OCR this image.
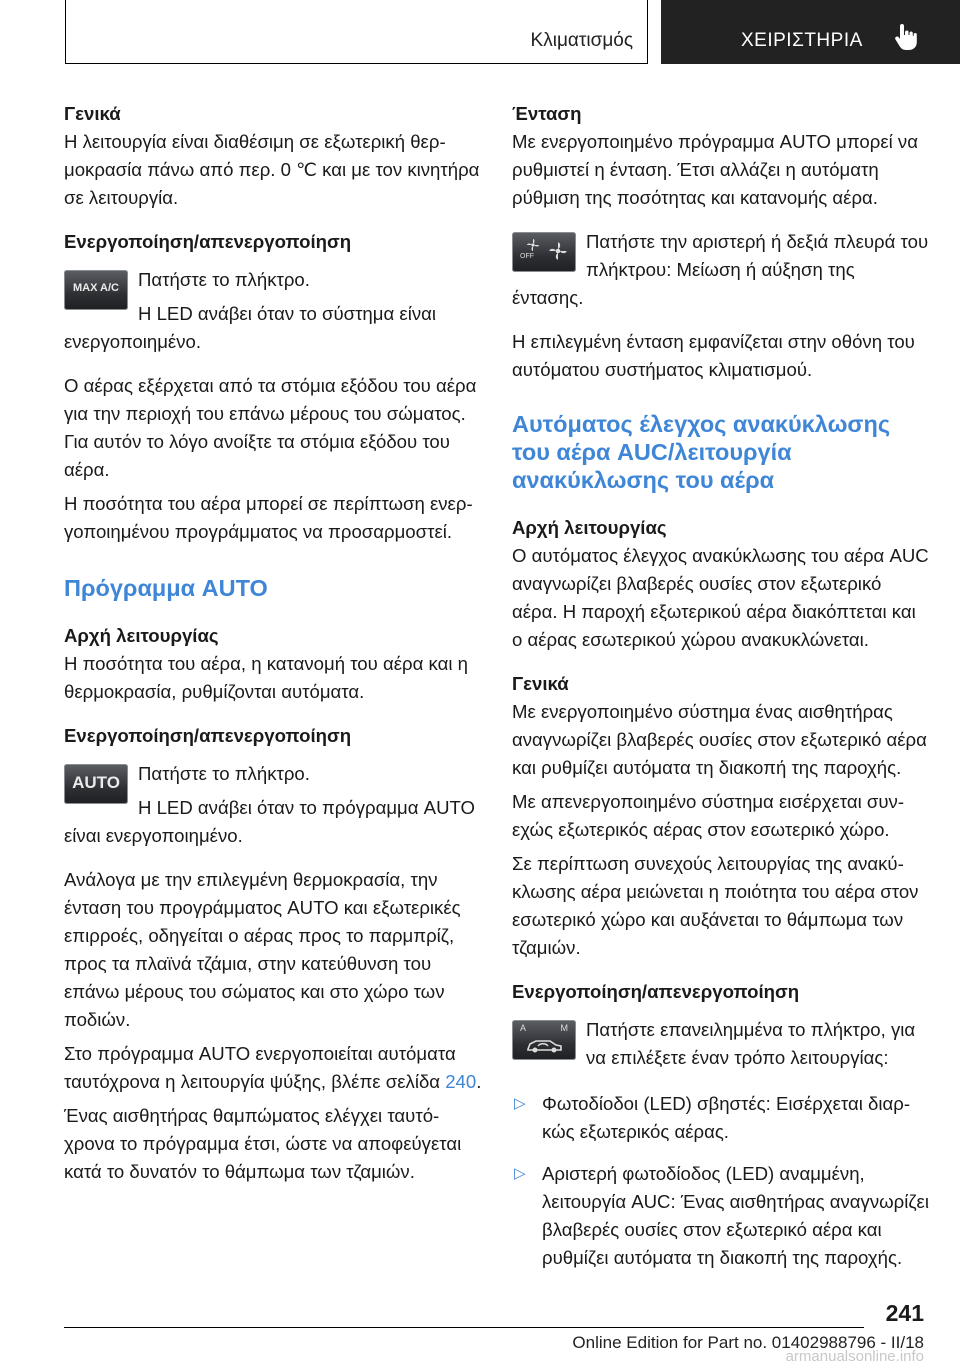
Κλιματισμός	ΧΕΙΡΙΣΤΗΡΙΑ
Γενικά

Η λειτουργία είναι διαθέσιμη σε εξωτερική θερμοκρασία πάνω από περ. 0 ℃ και με τον κινητήρα σε λειτουργία.

Ενεργοποίηση/απενεργοποίηση
MAX A/C	Πατήστε το πλήκτρο.

Η LED ανάβει όταν το σύστημα είναι ενεργοποιημένο.

Ο αέρας εξέρχεται από τα στόμια εξόδου του αέρα για την περιοχή του επάνω μέρους του σώματος. Για αυτόν το λόγο ανοίξτε τα στόμια εξόδου του αέρα.

Η ποσότητα του αέρα μπορεί σε περίπτωση ενεργοποιημένου προγράμματος να προσαρμοστεί.

Πρόγραμμα AUTO
Αρχή λειτουργίας

Η ποσότητα του αέρα, η κατανομή του αέρα και η θερμοκρασία, ρυθμίζονται αυτόματα.

Ενεργοποίηση/απενεργοποίηση
AUTO Πατήστε το πλήκτρο.

Η LED ανάβει όταν το πρόγραμμα AUTO είναι ενεργοποιημένο.

Ανάλογα με την επιλεγμένη θερμοκρασία, την ένταση του προγράμματος AUTO και εξωτερικές επιρροές, οδηγείται ο αέρας προς το παρμπρίζ, προς τα πλαϊνά τζάμια, στην κατεύθυνση του επάνω μέρους του σώματος και στο χώρο των ποδιών.

Στο πρόγραμμα AUTO ενεργοποιείται αυτόματα ταυτόχρονα η λειτουργία ψύξης, βλέπε σελίδα 240.

Ένας αισθητήρας θαμπώματος ελέγχει ταυτόχρονα το πρόγραμμα έτσι, ώστε να αποφεύγεται κατά το δυνατόν το θάμπωμα των τζαμιών.

Ένταση

Με ενεργοποιημένο πρόγραμμα AUTO μπορεί να ρυθμιστεί η ένταση. Έτσι αλλάζει η αυτόματη ρύθμιση της ποσότητας και κατανομής αέρα.

OFF

Πατήστε την αριστερή ή δεξιά πλευρά του πλήκτρου: Μείωση ή αύξηση της έντασης.

Η επιλεγμένη ένταση εμφανίζεται στην οθόνη του αυτόματου συστήματος κλιματισμού.

Αυτόματος έλεγχος ανακύκλωσης του αέρα AUC/λειτουργία ανακύκλωσης του αέρα
Αρχή λειτουργίας

Ο αυτόματος έλεγχος ανακύκλωσης του αέρα AUC αναγνωρίζει βλαβερές ουσίες στον εξωτερικό αέρα. Η παροχή εξωτερικού αέρα διακόπτεται και ο αέρας εσωτερικού χώρου ανακυκλώνεται.

Γενικά

Με ενεργοποιημένο σύστημα ένας αισθητήρας αναγνωρίζει βλαβερές ουσίες στον εξωτερικό αέρα και ρυθμίζει αυτόματα τη διακοπή της παροχής.

Με απενεργοποιημένο σύστημα εισέρχεται συνεχώς εξωτερικός αέρας στον εσωτερικό χώρο.

Σε περίπτωση συνεχούς λειτουργίας της ανακύκλωσης αέρα μειώνεται η ποιότητα του αέρα στον εσωτερικό χώρο και αυξάνεται το θάμπωμα των τζαμιών.

Ενεργοποίηση/απενεργοποίηση
A	M Πατήστε επανειλημμένα το πλήκτρο, για να επιλέξετε έναν τρόπο λειτουργίας:

▷ Φωτοδίοδοι (LED) σβηστές: Εισέρχεται διαρκώς εξωτερικός αέρας.
▷ Αριστερή φωτοδίοδος (LED) αναμμένη, λειτουργία AUC: Ένας αισθητήρας αναγνωρίζει βλαβερές ουσίες στον εξωτερικό αέρα και ρυθμίζει αυτόματα τη διακοπή της παροχής.
241
Online Edition for Part no. 01402988796 - II/18
armanualsonline.info
